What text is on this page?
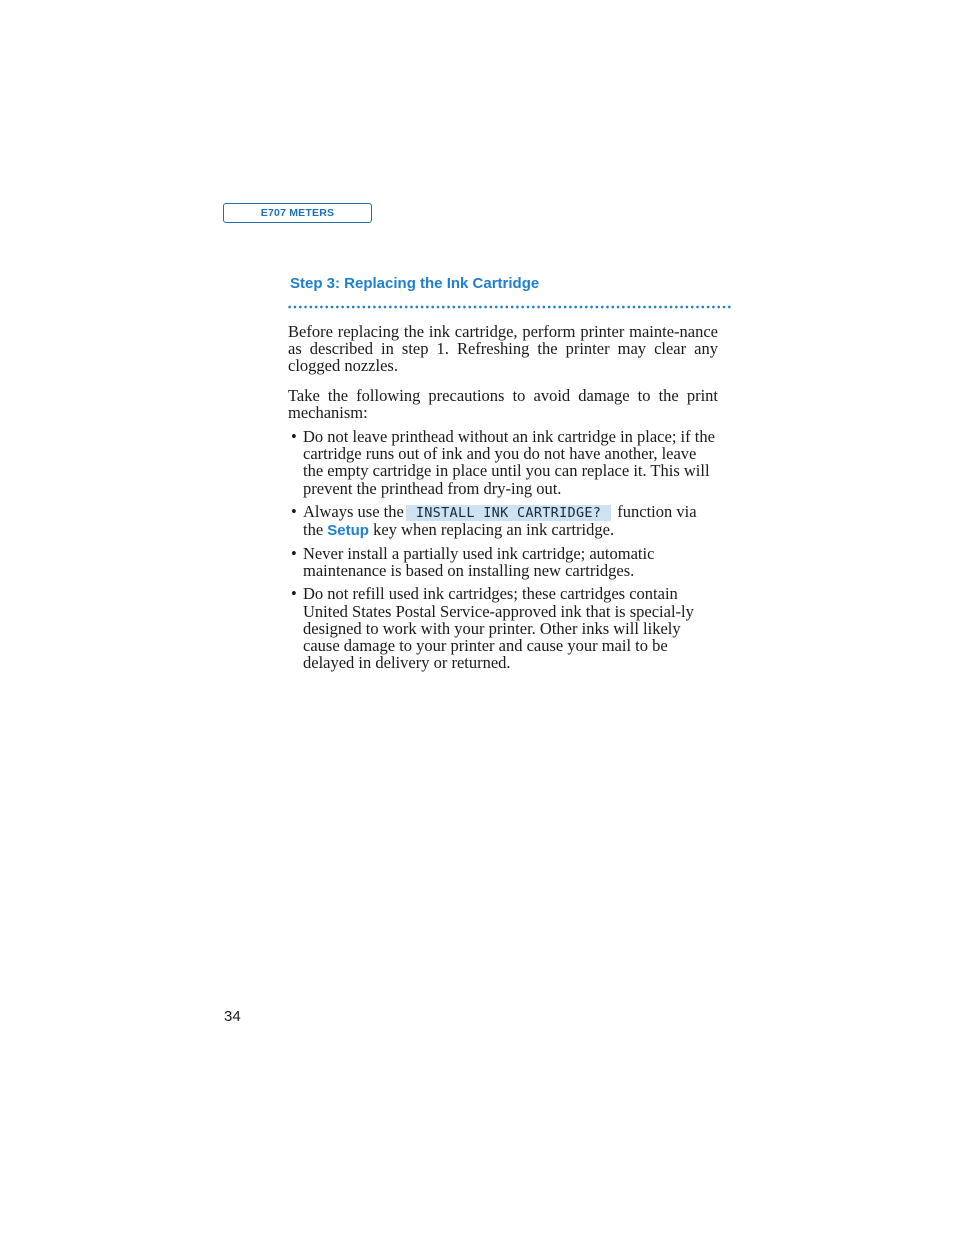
E707 METERS
Step 3: Replacing the Ink Cartridge

Before replacing the ink cartridge, perform printer mainte-nance as described in step 1. Refreshing the printer may clear any clogged nozzles.

Take the following precautions to avoid damage to the print mechanism:

• Do not leave printhead without an ink cartridge in place; if the cartridge runs out of ink and you do not have another, leave the empty cartridge in place until you can replace it. This will prevent the printhead from dry-ing out.
• Always use the INSTALL INK CARTRIDGE? function via the Setup key when replacing an ink cartridge.
• Never install a partially used ink cartridge; automatic maintenance is based on installing new cartridges.
• Do not refill used ink cartridges; these cartridges contain United States Postal Service-approved ink that is special-ly designed to work with your printer. Other inks will likely cause damage to your printer and cause your mail to be delayed in delivery or returned.

34
